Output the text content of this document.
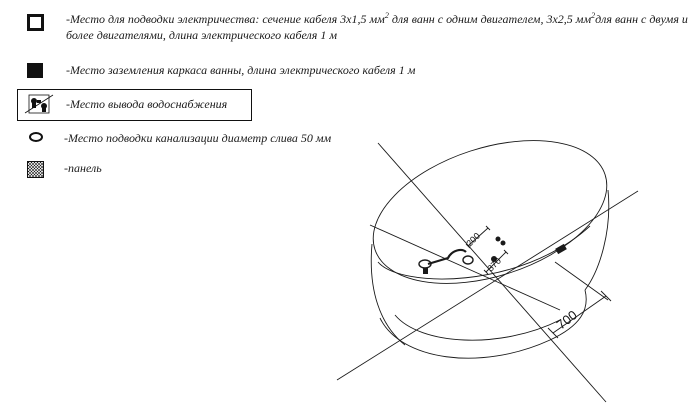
-Место для подводки электричества: сечение кабеля 3х1,5 $мм^2$ для ванн с одним двигателем, 3х2,5 $мм^2для$ ванн с двумя и
более двигателями, длина электрического кабеля 1 м
-Место заземления каркаса ванны, длина электрического кабеля 1 м
-Место вывода водоснабжения
-Место подводки канализации диаметр слива 50 мм
-панель
700
200
370
